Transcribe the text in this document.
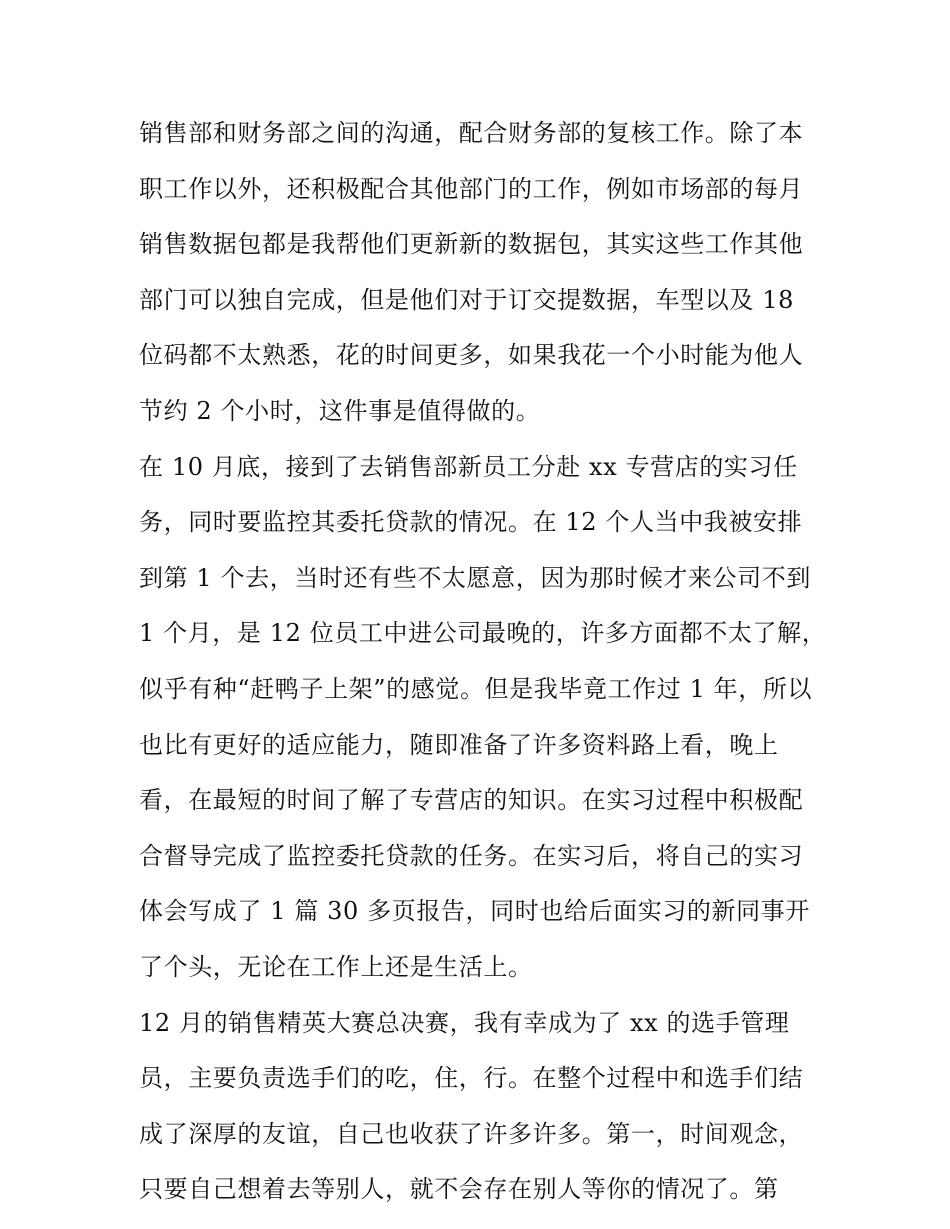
销售部和财务部之间的沟通，配合财务部的复核工作。除了本
职工作以外，还积极配合其他部门的工作，例如市场部的每月
销售数据包都是我帮他们更新新的数据包，其实这些工作其他
部门可以独自完成，但是他们对于订交提数据，车型以及 18
位码都不太熟悉，花的时间更多，如果我花一个小时能为他人
节约 2 个小时，这件事是值得做的。
在 10 月底，接到了去销售部新员工分赴 xx 专营店的实习任
务，同时要监控其委托贷款的情况。在 12 个人当中我被安排
到第 1 个去，当时还有些不太愿意，因为那时候才来公司不到
1 个月，是 12 位员工中进公司最晚的，许多方面都不太了解，
似乎有种“赶鸭子上架”的感觉。但是我毕竟工作过 1 年，所以
也比有更好的适应能力，随即准备了许多资料路上看，晚上
看，在最短的时间了解了专营店的知识。在实习过程中积极配
合督导完成了监控委托贷款的任务。在实习后，将自己的实习
体会写成了 1 篇 30 多页报告，同时也给后面实习的新同事开
了个头，无论在工作上还是生活上。
12 月的销售精英大赛总决赛，我有幸成为了 xx 的选手管理
员，主要负责选手们的吃，住，行。在整个过程中和选手们结
成了深厚的友谊，自己也收获了许多许多。第一，时间观念，
只要自己想着去等别人，就不会存在别人等你的情况了。第
